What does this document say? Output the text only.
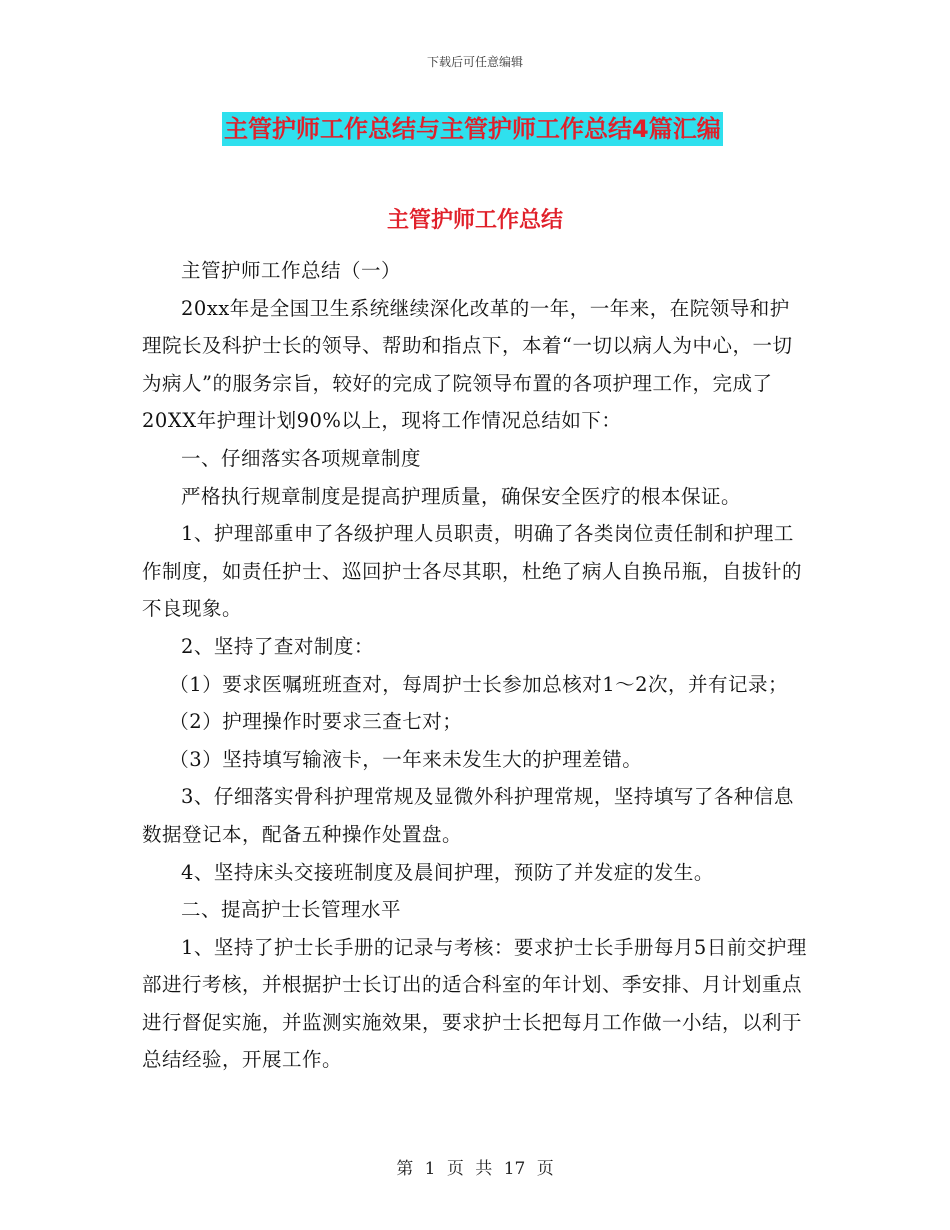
下载后可任意编辑
主管护师工作总结与主管护师工作总结4篇汇编
主管护师工作总结

主管护师工作总结（一）

20xx年是全国卫生系统继续深化改革的一年，一年来，在院领导和护理院长及科护士长的领导、帮助和指点下，本着“一切以病人为中心，一切为病人”的服务宗旨，较好的完成了院领导布置的各项护理工作，完成了20XX年护理计划90%以上，现将工作情况总结如下：

一、仔细落实各项规章制度

严格执行规章制度是提高护理质量，确保安全医疗的根本保证。

1、护理部重申了各级护理人员职责，明确了各类岗位责任制和护理工作制度，如责任护士、巡回护士各尽其职，杜绝了病人自换吊瓶，自拔针的不良现象。

2、坚持了查对制度：

（1）要求医嘱班班查对，每周护士长参加总核对1～2次，并有记录；

（2）护理操作时要求三查七对；

（3）坚持填写输液卡，一年来未发生大的护理差错。

3、仔细落实骨科护理常规及显微外科护理常规，坚持填写了各种信息数据登记本，配备五种操作处置盘。

4、坚持床头交接班制度及晨间护理，预防了并发症的发生。

二、提高护士长管理水平

1、坚持了护士长手册的记录与考核：要求护士长手册每月5日前交护理部进行考核，并根据护士长订出的适合科室的年计划、季安排、月计划重点进行督促实施，并监测实施效果，要求护士长把每月工作做一小结，以利于总结经验，开展工作。

第 1 页 共 17 页
